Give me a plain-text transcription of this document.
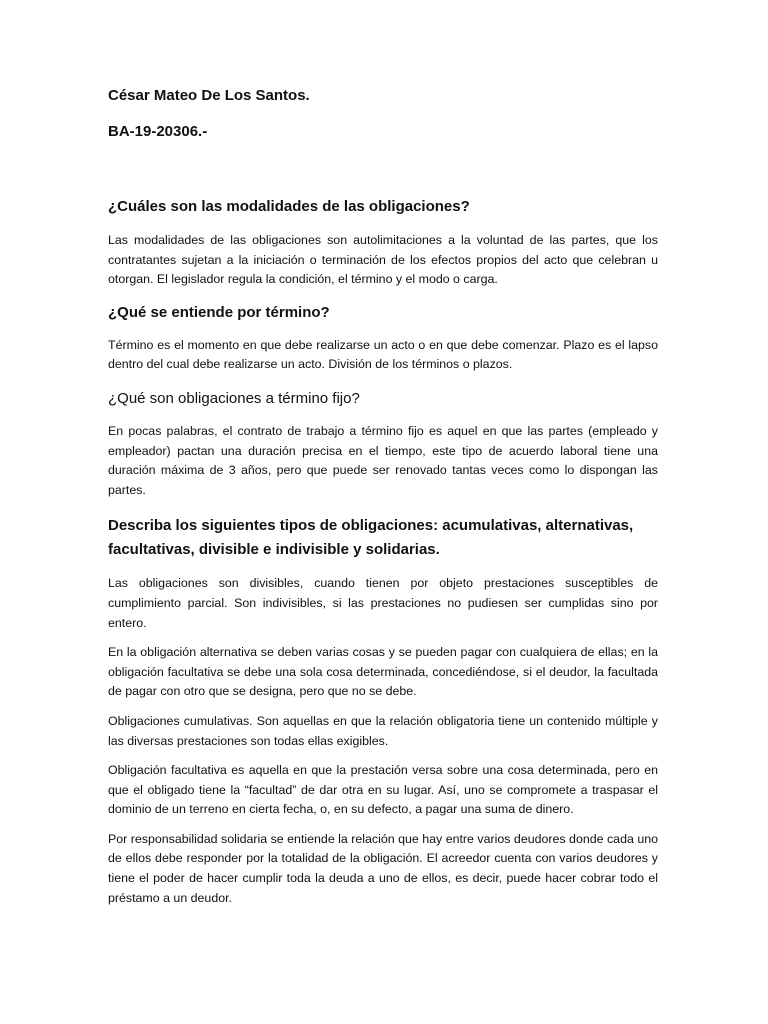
César Mateo De Los Santos.

BA-19-20306.-

¿Cuáles son las modalidades de las obligaciones?

Las modalidades de las obligaciones son autolimitaciones a la voluntad de las partes, que los contratantes sujetan a la iniciación o terminación de los efectos propios del acto que celebran u otorgan. El legislador regula la condición, el término y el modo o carga.

¿Qué se entiende por término?

Término es el momento en que debe realizarse un acto o en que debe comenzar. Plazo es el lapso dentro del cual debe realizarse un acto. División de los términos o plazos.

¿Qué son obligaciones a término fijo?

En pocas palabras, el contrato de trabajo a término fijo es aquel en que las partes (empleado y empleador) pactan una duración precisa en el tiempo, este tipo de acuerdo laboral tiene una duración máxima de 3 años, pero que puede ser renovado tantas veces como lo dispongan las partes.

Describa los siguientes tipos de obligaciones: acumulativas, alternativas, facultativas, divisible e indivisible y solidarias.

Las obligaciones son divisibles, cuando tienen por objeto prestaciones susceptibles de cumplimiento parcial. Son indivisibles, si las prestaciones no pudiesen ser cumplidas sino por entero.

En la obligación alternativa se deben varias cosas y se pueden pagar con cualquiera de ellas; en la obligación facultativa se debe una sola cosa determinada, concediéndose, si el deudor, la facultada de pagar con otro que se designa, pero que no se debe.

Obligaciones cumulativas. Son aquellas en que la relación obligatoria tiene un contenido múltiple y las diversas prestaciones son todas ellas exigibles.

Obligación facultativa es aquella en que la prestación versa sobre una cosa determinada, pero en que el obligado tiene la “facultad” de dar otra en su lugar. Así, uno se compromete a traspasar el dominio de un terreno en cierta fecha, o, en su defecto, a pagar una suma de dinero.

Por responsabilidad solidaria se entiende la relación que hay entre varios deudores donde cada uno de ellos debe responder por la totalidad de la obligación. El acreedor cuenta con varios deudores y tiene el poder de hacer cumplir toda la deuda a uno de ellos, es decir, puede hacer cobrar todo el préstamo a un deudor.
